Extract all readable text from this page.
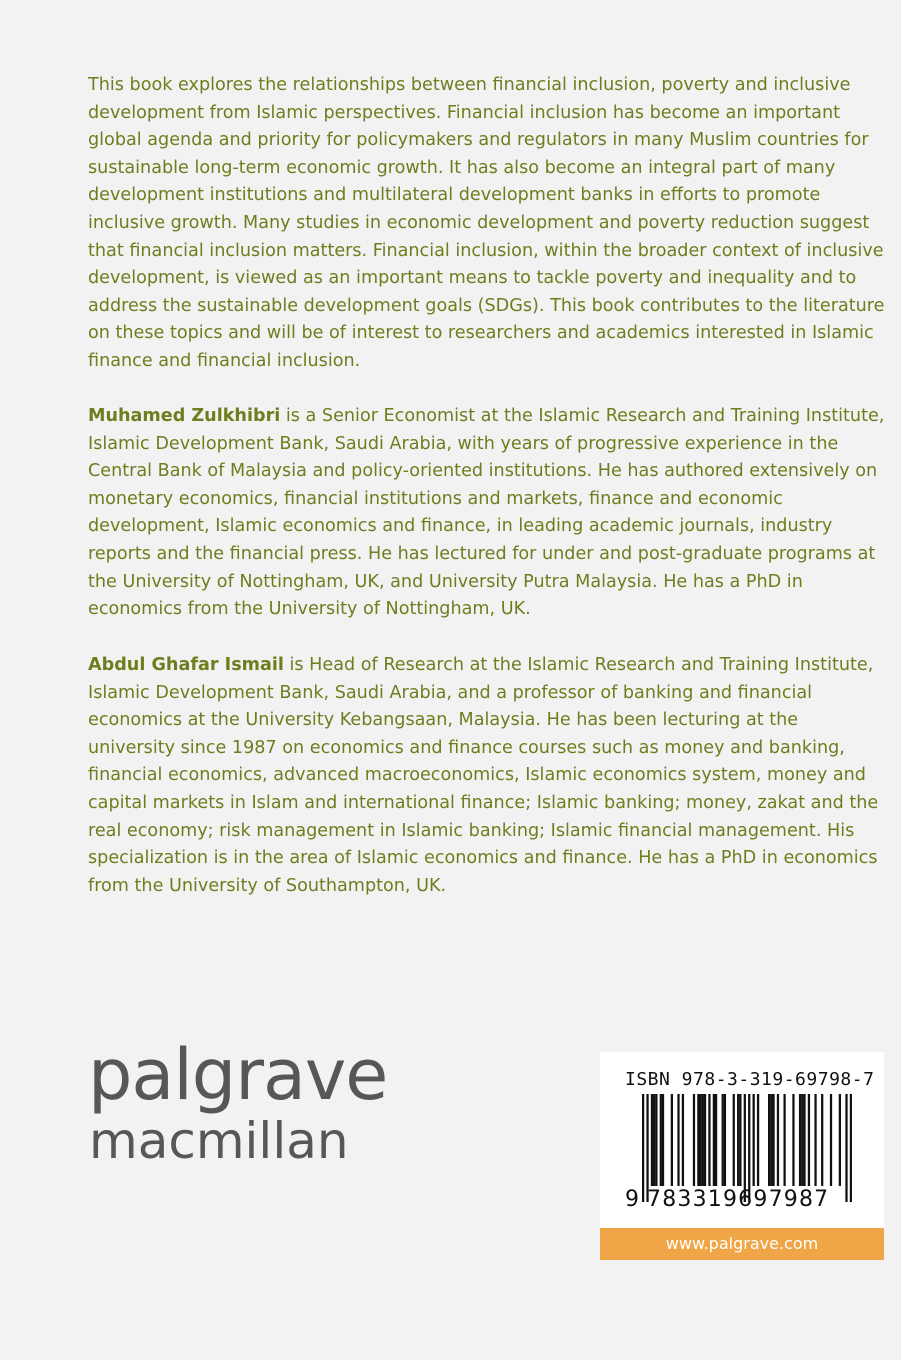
This book explores the relationships between financial inclusion, poverty and inclusive development from Islamic perspectives. Financial inclusion has become an important global agenda and priority for policymakers and regulators in many Muslim countries for sustainable long-term economic growth. It has also become an integral part of many development institutions and multilateral development banks in efforts to promote inclusive growth. Many studies in economic development and poverty reduction suggest that financial inclusion matters. Financial inclusion, within the broader context of inclusive development, is viewed as an important means to tackle poverty and inequality and to address the sustainable development goals (SDGs). This book contributes to the literature on these topics and will be of interest to researchers and academics interested in Islamic finance and financial inclusion.
Muhamed Zulkhibri is a Senior Economist at the Islamic Research and Training Institute, Islamic Development Bank, Saudi Arabia, with years of progressive experience in the Central Bank of Malaysia and policy-oriented institutions. He has authored extensively on monetary economics, financial institutions and markets, finance and economic development, Islamic economics and finance, in leading academic journals, industry reports and the financial press. He has lectured for under and post-graduate programs at the University of Nottingham, UK, and University Putra Malaysia. He has a PhD in economics from the University of Nottingham, UK.
Abdul Ghafar Ismail is Head of Research at the Islamic Research and Training Institute, Islamic Development Bank, Saudi Arabia, and a professor of banking and financial economics at the University Kebangsaan, Malaysia. He has been lecturing at the university since 1987 on economics and finance courses such as money and banking, financial economics, advanced macroeconomics, Islamic economics system, money and capital markets in Islam and international finance; Islamic banking; money, zakat and the real economy; risk management in Islamic banking; Islamic financial management. His specialization is in the area of Islamic economics and finance. He has a PhD in economics from the University of Southampton, UK.
palgrave
macmillan
ISBN 978-3-319-69798-7
9 783319697987
www.palgrave.com
